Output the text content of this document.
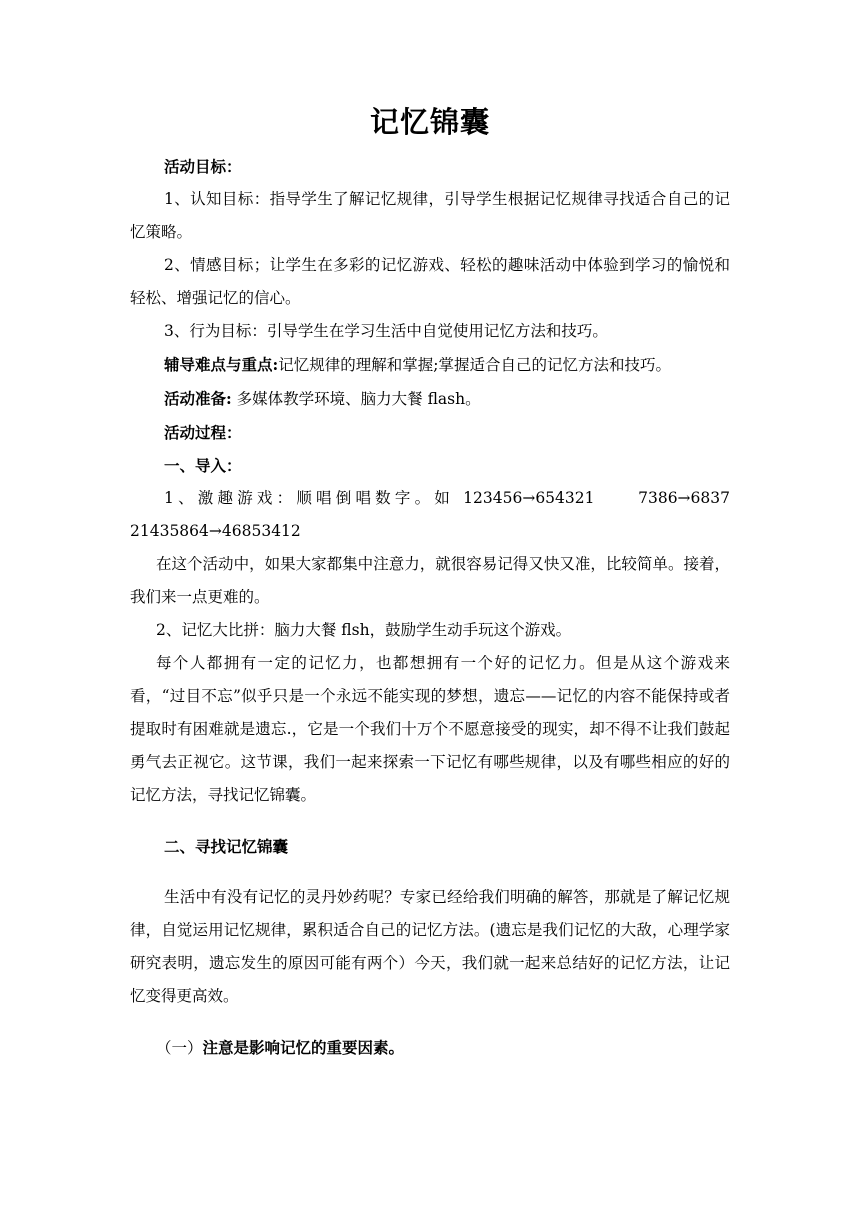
记忆锦囊

活动目标：

1、认知目标：指导学生了解记忆规律，引导学生根据记忆规律寻找适合自己的记忆策略。

2、情感目标；让学生在多彩的记忆游戏、轻松的趣味活动中体验到学习的愉悦和轻松、增强记忆的信心。

3、行为目标：引导学生在学习生活中自觉使用记忆方法和技巧。

辅导难点与重点:记忆规律的理解和掌握;掌握适合自己的记忆方法和技巧。

活动准备: 多媒体教学环境、脑力大餐 flash。

活动过程：

一、导入：

1、激趣游戏：顺唱倒唱数字。如 123456→654321　　7386→6837　21435864→46853412

在这个活动中，如果大家都集中注意力，就很容易记得又快又准，比较简单。接着，我们来一点更难的。

2、记忆大比拼：脑力大餐 flsh，鼓励学生动手玩这个游戏。

每个人都拥有一定的记忆力，也都想拥有一个好的记忆力。但是从这个游戏来看，“过目不忘”似乎只是一个永远不能实现的梦想，遗忘——记忆的内容不能保持或者提取时有困难就是遗忘.，它是一个我们十万个不愿意接受的现实，却不得不让我们鼓起勇气去正视它。这节课，我们一起来探索一下记忆有哪些规律，以及有哪些相应的好的记忆方法，寻找记忆锦囊。

二、寻找记忆锦囊

生活中有没有记忆的灵丹妙药呢？专家已经给我们明确的解答，那就是了解记忆规律，自觉运用记忆规律，累积适合自己的记忆方法。(遗忘是我们记忆的大敌，心理学家研究表明，遗忘发生的原因可能有两个）今天，我们就一起来总结好的记忆方法，让记忆变得更高效。

（一）注意是影响记忆的重要因素。
